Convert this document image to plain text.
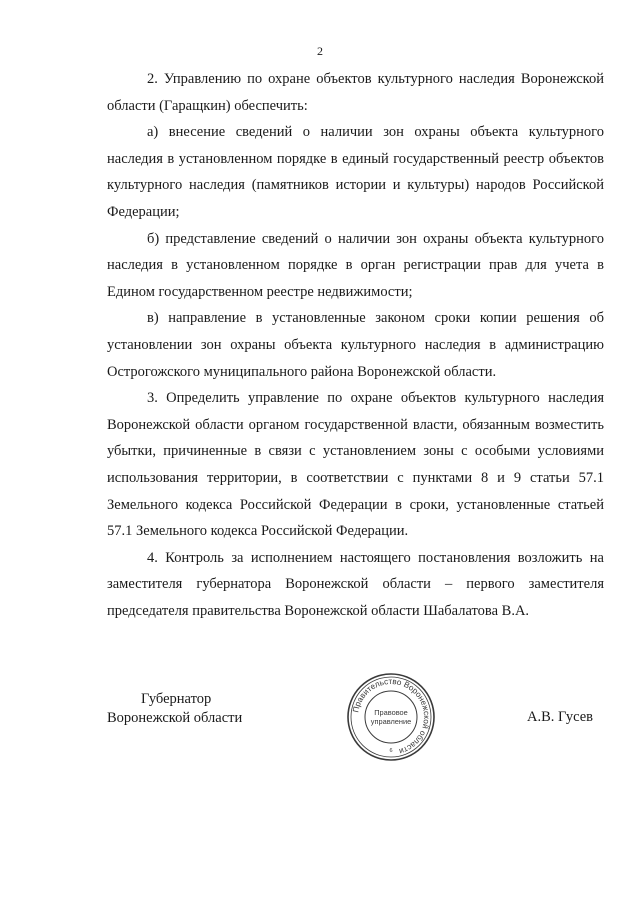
2

2. Управлению по охране объектов культурного наследия Воронежской области (Гаращкин) обеспечить:

а) внесение сведений о наличии зон охраны объекта культурного наследия в установленном порядке в единый государственный реестр объектов культурного наследия (памятников истории и культуры) народов Российской Федерации;

б) представление сведений о наличии зон охраны объекта культурного наследия в установленном порядке в орган регистрации прав для учета в Едином государственном реестре недвижимости;

в) направление в установленные законом сроки копии решения об установлении зон охраны объекта культурного наследия в администрацию Острогожского муниципального района Воронежской области.

3. Определить управление по охране объектов культурного наследия Воронежской области органом государственной власти, обязанным возместить убытки, причиненные в связи с установлением зоны с особыми условиями использования территории, в соответствии с пунктами 8 и 9 статьи 57.1 Земельного кодекса Российской Федерации в сроки, установленные статьей 57.1 Земельного кодекса Российской Федерации.

4. Контроль за исполнением настоящего постановления возложить на заместителя губернатора Воронежской области – первого заместителя председателя правительства Воронежской области Шабалатова В.А.

Губернатор
Воронежской области
Правительство Воронежской области
Правовое
управление
6
А.В. Гусев
